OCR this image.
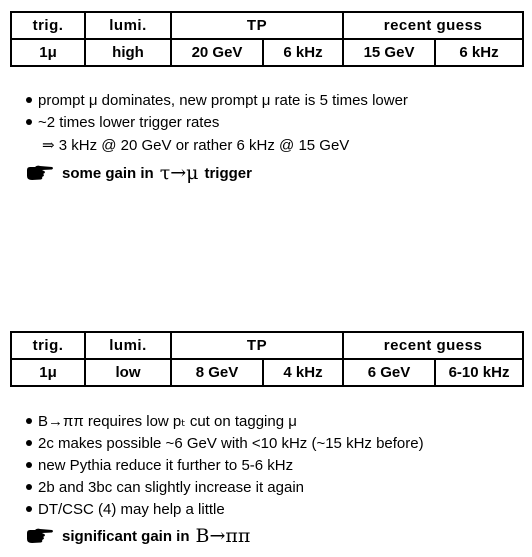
trig.	lumi.	TP		recent guess	
1μ	high	20 GeV	6 kHz	15 GeV	6 kHz
prompt μ dominates, new prompt μ rate is 5 times lower
~2 times lower trigger rates
⇒ 3 kHz @ 20 GeV or rather 6 kHz @ 15 GeV
some gain in τ→μ trigger
trig.	lumi.	TP		recent guess	
1μ	low	8 GeV	4 kHz	6 GeV	6-10 kHz
B→ππ requires low pₜ cut on tagging μ
2c makes possible ~6 GeV with <10 kHz (~15 kHz before)
new Pythia reduce it further to 5-6 kHz
2b and 3bc can slightly increase it again
DT/CSC (4) may help a little
significant gain in B→ππ
